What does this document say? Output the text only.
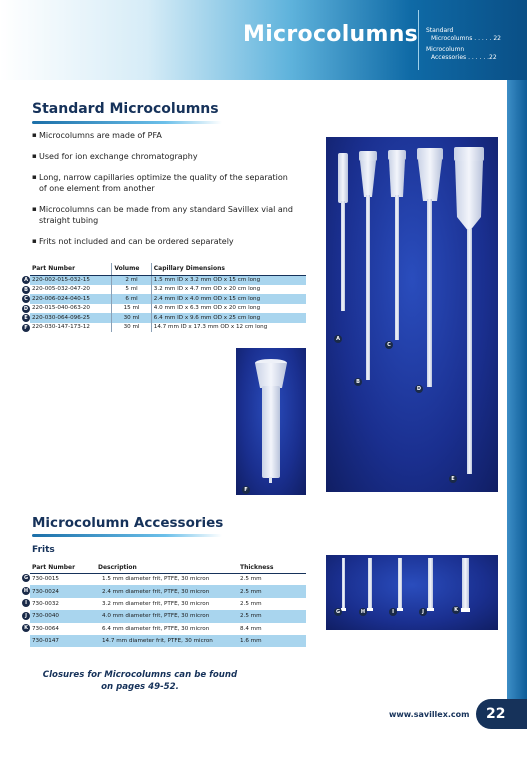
Microcolumns Standard
Microcolumns . . . . . 22
Microcolumn
Accessories . . . . . .22
Standard Microcolumns
▪ Microcolumns are made of PFA
▪ Used for ion exchange chromatography
▪ Long, narrow capillaries optimize the quality of the separation of one element from another
▪ Microcolumns can be made from any standard Savillex vial and straight tubing
▪ Frits not included and can be ordered separately
A
B
C
D
E
F
Part Number	Volume	Capillary Dimensions
220-002-015-032-15	2 ml	1.5 mm ID x 3.2 mm OD x 15 cm long
220-005-032-047-20	5 ml	3.2 mm ID x 4.7 mm OD x 20 cm long
220-006-024-040-15	6 ml	2.4 mm ID x 4.0 mm OD x 15 cm long
220-015-040-063-20	15 ml	4.0 mm ID x 6.3 mm OD x 20 cm long
220-030-064-096-25	30 ml	6.4 mm ID x 9.6 mm OD x 25 cm long
220-030-147-173-12	30 ml	14.7 mm ID x 17.3 mm OD x 12 cm long
A
B
C
D
E
F
Microcolumn Accessories
Frits
G
H
I
J
K
Part Number	Description	Thickness
730-0015	1.5 mm diameter frit, PTFE, 30 micron	2.5 mm
730-0024	2.4 mm diameter frit, PTFE, 30 micron	2.5 mm
730-0032	3.2 mm diameter frit, PTFE, 30 micron	2.5 mm
730-0040	4.0 mm diameter frit, PTFE, 30 micron	2.5 mm
730-0064	6.4 mm diameter frit, PTFE, 30 micron	8.4 mm
730-0147	14.7 mm diameter frit, PTFE, 30 micron	1.6 mm
G	H	I	J	K
Closures for Microcolumns can be found on pages 49-52.
www.savillex.com	22
